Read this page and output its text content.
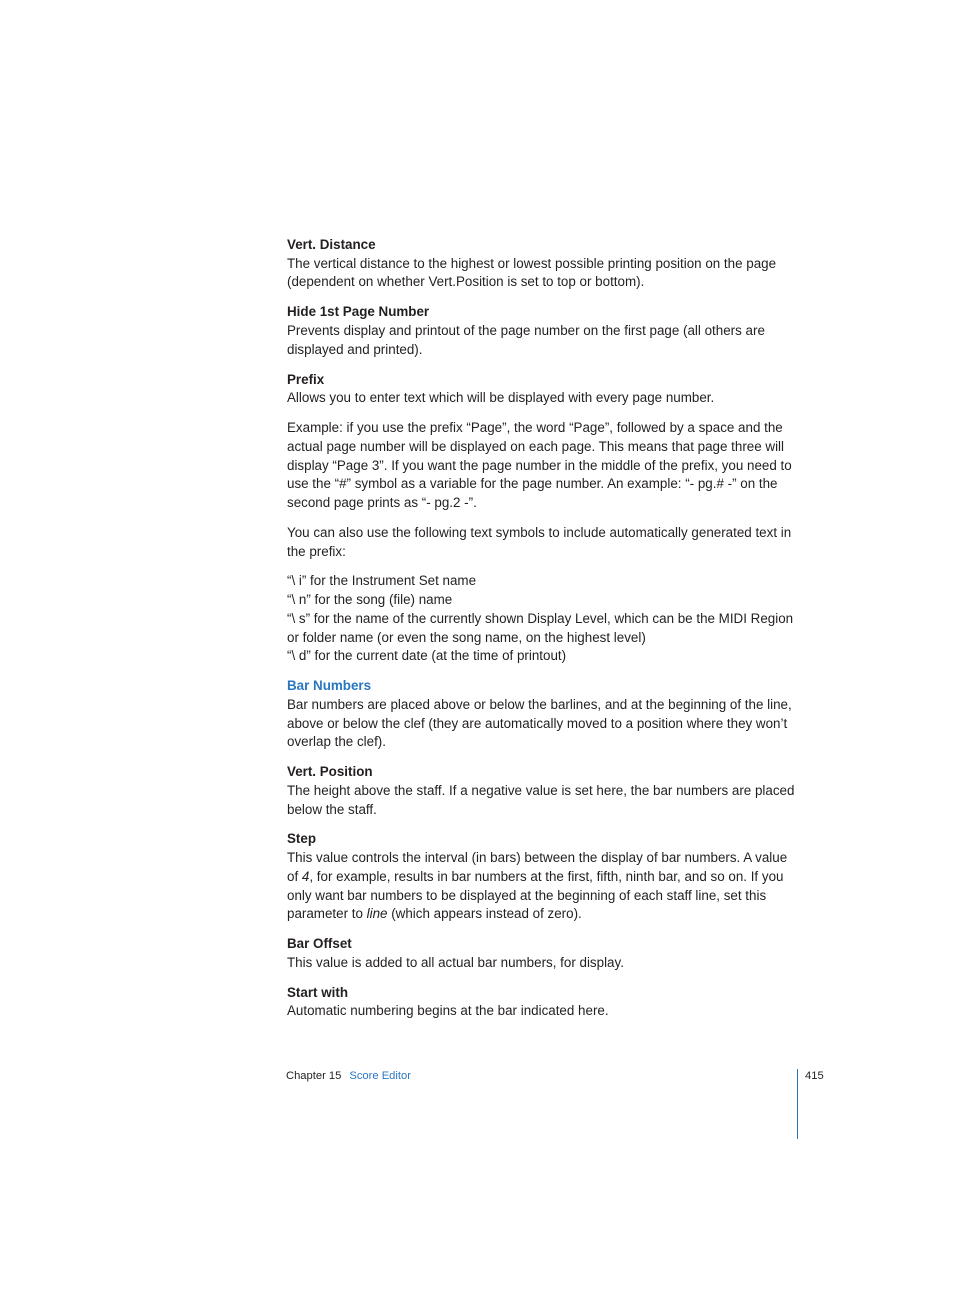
Vert. Distance
The vertical distance to the highest or lowest possible printing position on the page (dependent on whether Vert.Position is set to top or bottom).

Hide 1st Page Number
Prevents display and printout of the page number on the first page (all others are displayed and printed).

Prefix
Allows you to enter text which will be displayed with every page number.

Example: if you use the prefix “Page”, the word “Page”, followed by a space and the actual page number will be displayed on each page. This means that page three will display “Page 3”. If you want the page number in the middle of the prefix, you need to use the “#” symbol as a variable for the page number. An example: “- pg.# -” on the second page prints as “- pg.2 -”.

You can also use the following text symbols to include automatically generated text in the prefix:

“\ i” for the Instrument Set name
“\ n” for the song (file) name
“\ s” for the name of the currently shown Display Level, which can be the MIDI Region or folder name (or even the song name, on the highest level)
“\ d” for the current date (at the time of printout)

Bar Numbers
Bar numbers are placed above or below the barlines, and at the beginning of the line, above or below the clef (they are automatically moved to a position where they won’t overlap the clef).

Vert. Position
The height above the staff. If a negative value is set here, the bar numbers are placed below the staff.

Step
This value controls the interval (in bars) between the display of bar numbers. A value of 4, for example, results in bar numbers at the first, fifth, ninth bar, and so on. If you only want bar numbers to be displayed at the beginning of each staff line, set this parameter to line (which appears instead of zero).

Bar Offset
This value is added to all actual bar numbers, for display.

Start with
Automatic numbering begins at the bar indicated here.

Chapter 15 Score Editor	415
